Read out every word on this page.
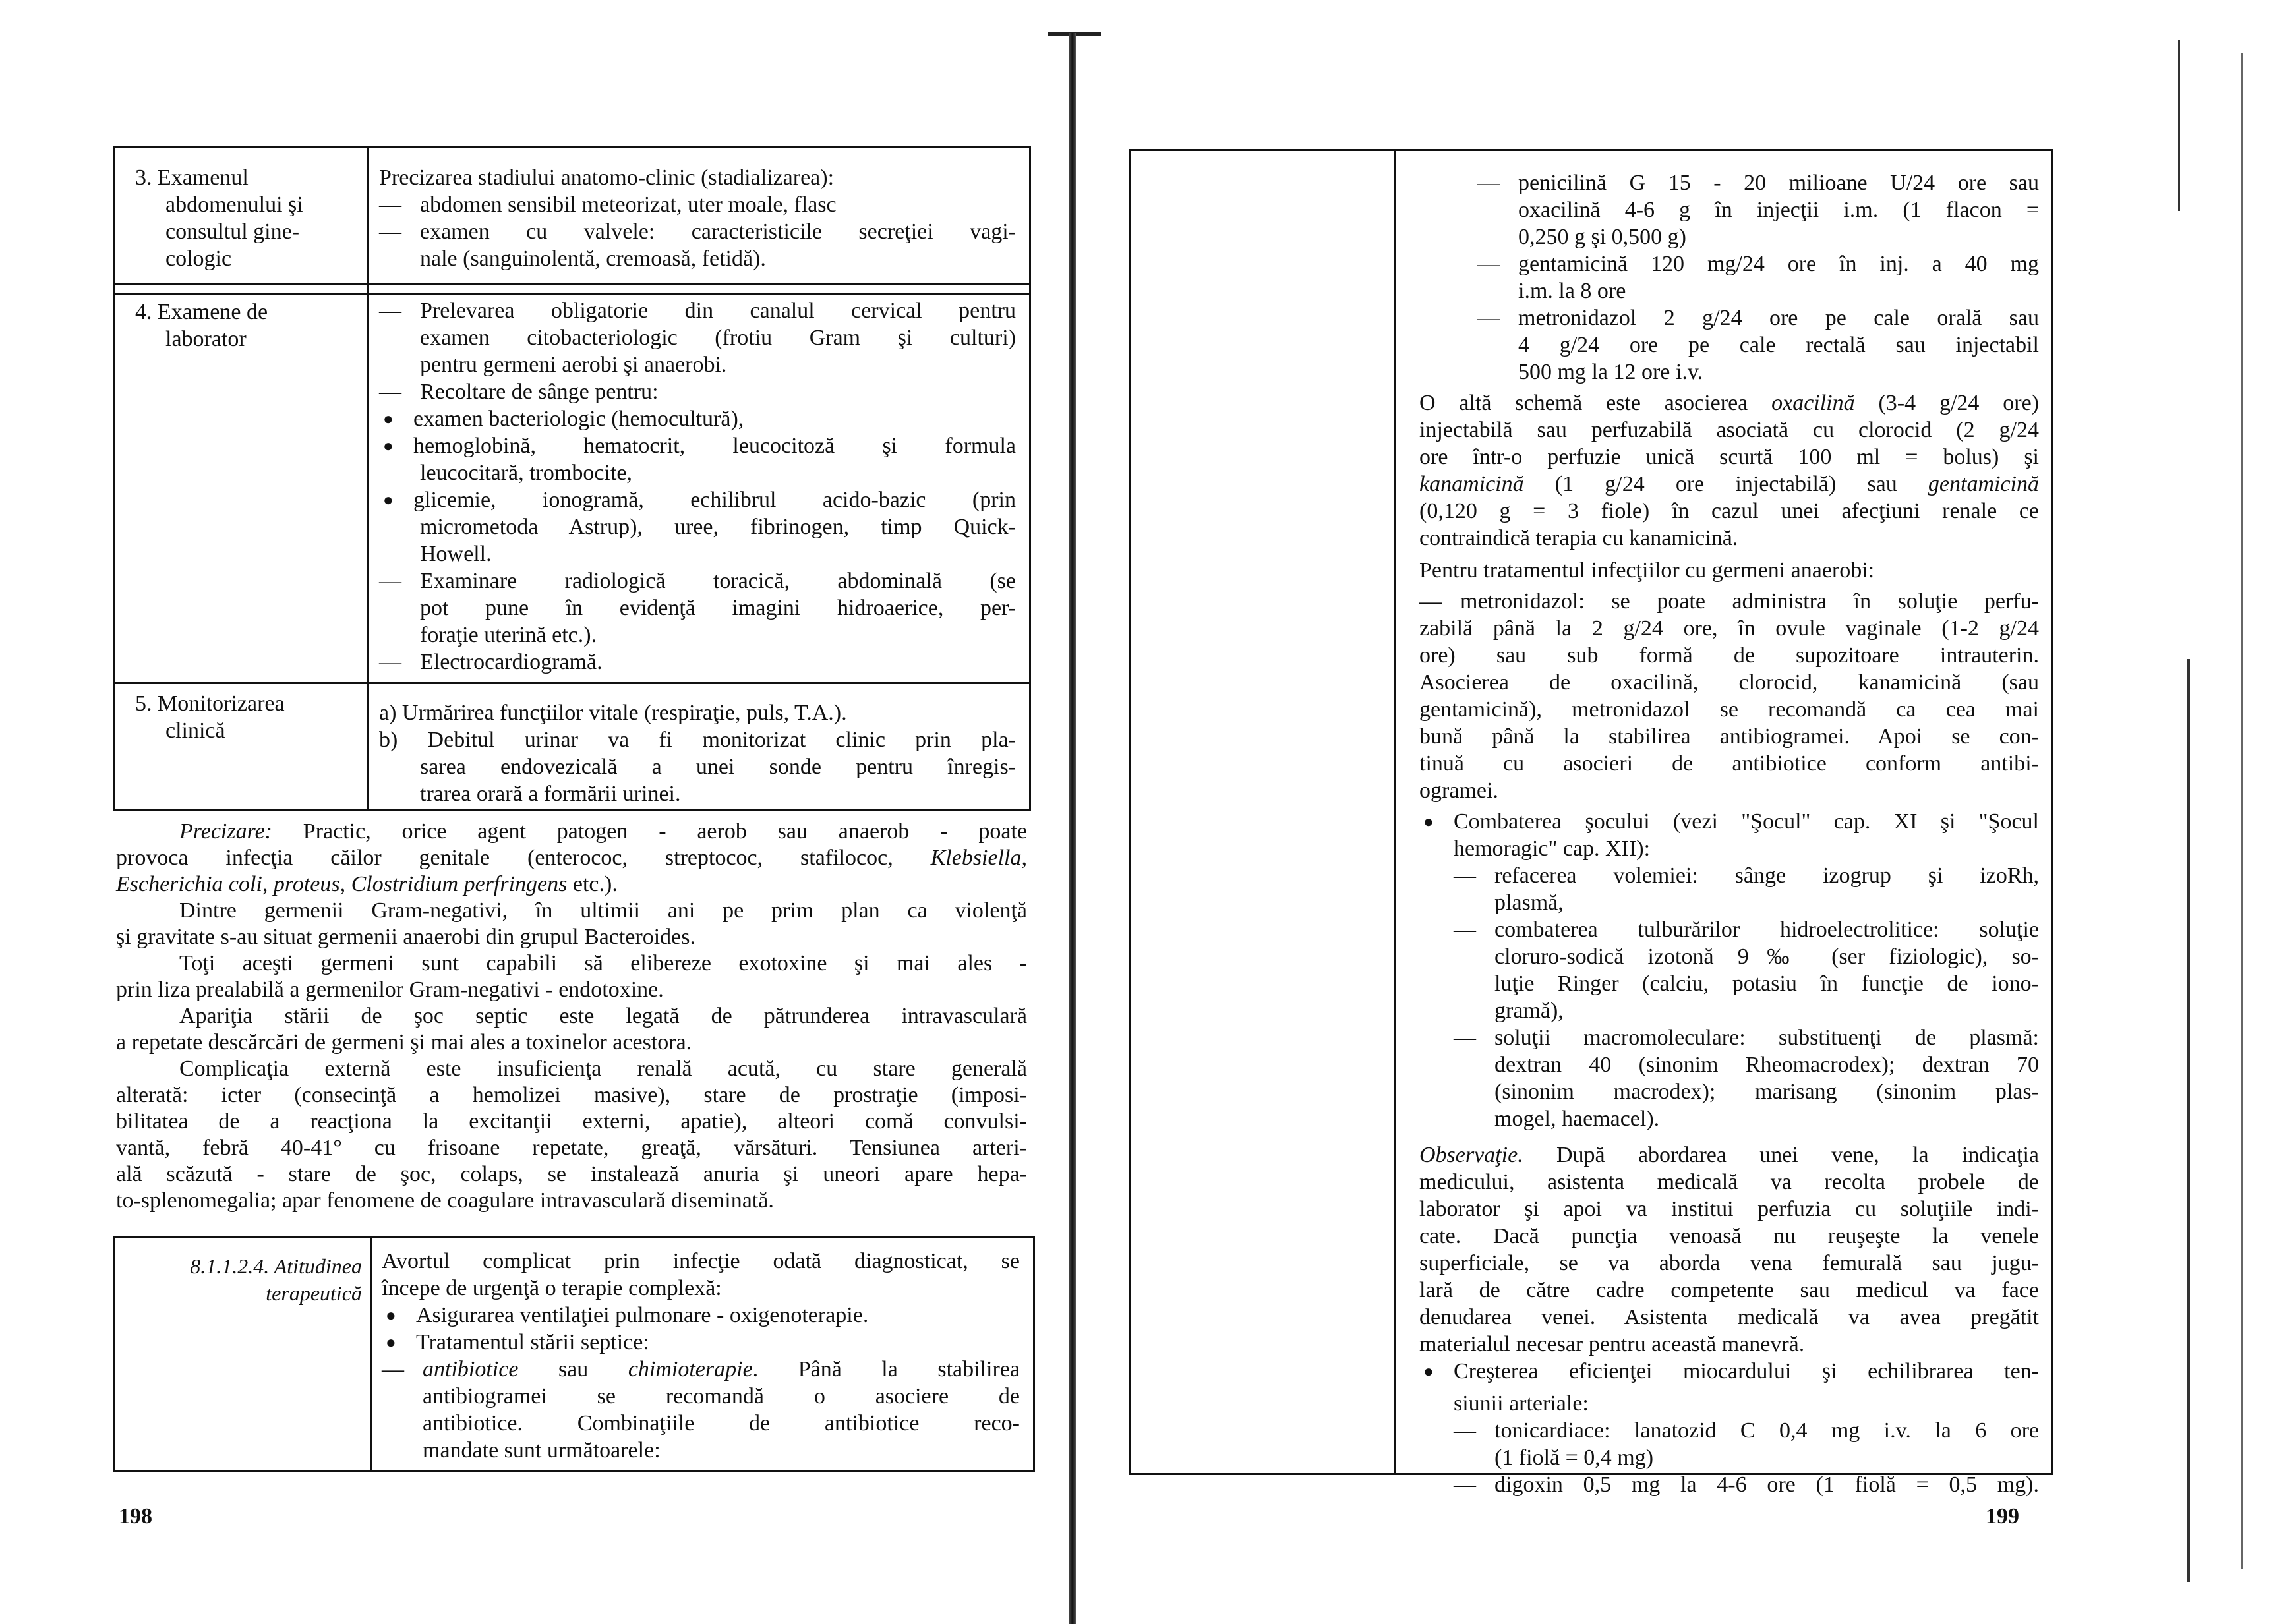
3. Examenul
abdomenului şi
consultul gine-
cologic
Precizarea stadiului anatomo-clinic (stadializarea):
— abdomen sensibil meteorizat, uter moale, flasc
— examen cu valvele: caracteristicile secreţiei vagi-
nale (sanguinolentă, cremoasă, fetidă).
4. Examene de
laborator
— Prelevarea obligatorie din canalul cervical pentru
examen citobacteriologic (frotiu Gram şi culturi)
pentru germeni aerobi şi anaerobi.
— Recoltare de sânge pentru:
● examen bacteriologic (hemocultură),
● hemoglobină, hematocrit, leucocitoză şi formula
leucocitară, trombocite,
● glicemie, ionogramă, echilibrul acido-bazic (prin
micrometoda Astrup), uree, fibrinogen, timp Quick-
Howell.
— Examinare radiologică toracică, abdominală (se
pot pune în evidenţă imagini hidroaerice, per-
foraţie uterină etc.).
— Electrocardiogramă.
5. Monitorizarea
clinică
a) Urmărirea funcţiilor vitale (respiraţie, puls, T.A.).
b) Debitul urinar va fi monitorizat clinic prin pla-
sarea endovezicală a unei sonde pentru înregis-
trarea orară a formării urinei.
Precizare: Practic, orice agent patogen - aerob sau anaerob - poate
provoca infecţia căilor genitale (enterococ, streptococ, stafilococ, Klebsiella,
Escherichia coli, proteus, Clostridium perfringens etc.).
Dintre germenii Gram-negativi, în ultimii ani pe prim plan ca violenţă
şi gravitate s-au situat germenii anaerobi din grupul Bacteroides.
Toţi aceşti germeni sunt capabili să elibereze exotoxine şi mai ales -
prin liza prealabilă a germenilor Gram-negativi - endotoxine.
Apariţia stării de şoc septic este legată de pătrunderea intravasculară
a repetate descărcări de germeni şi mai ales a toxinelor acestora.
Complicaţia externă este insuficienţa renală acută, cu stare generală
alterată: icter (consecinţă a hemolizei masive), stare de prostraţie (imposi-
bilitatea de a reacţiona la excitanţii externi, apatie), alteori comă convulsi-
vantă, febră 40-41° cu frisoane repetate, greaţă, vărsături. Tensiunea arteri-
ală scăzută - stare de şoc, colaps, se instalează anuria şi uneori apare hepa-
to-splenomegalia; apar fenomene de coagulare intravasculară diseminată.
8.1.1.2.4. Atitudinea
terapeutică
Avortul complicat prin infecţie odată diagnosticat, se
începe de urgenţă o terapie complexă:
● Asigurarea ventilaţiei pulmonare - oxigenoterapie.
● Tratamentul stării septice:
— antibiotice sau chimioterapie. Până la stabilirea
antibiogramei se recomandă o asociere de
antibiotice. Combinaţiile de antibiotice reco-
mandate sunt următoarele:
198
— penicilină G 15 - 20 milioane U/24 ore sau
oxacilină 4-6 g în injecţii i.m. (1 flacon =
0,250 g şi 0,500 g)
— gentamicină 120 mg/24 ore în inj. a 40 mg
i.m. la 8 ore
— metronidazol 2 g/24 ore pe cale orală sau
4 g/24 ore pe cale rectală sau injectabil
500 mg la 12 ore i.v.
O altă schemă este asocierea oxacilină (3-4 g/24 ore)
injectabilă sau perfuzabilă asociată cu clorocid (2 g/24
ore într-o perfuzie unică scurtă 100 ml = bolus) şi
kanamicină (1 g/24 ore injectabilă) sau gentamicină
(0,120 g = 3 fiole) în cazul unei afecţiuni renale ce
contraindică terapia cu kanamicină.
Pentru tratamentul infecţiilor cu germeni anaerobi:
— metronidazol: se poate administra în soluţie perfu-
zabilă până la 2 g/24 ore, în ovule vaginale (1-2 g/24
ore) sau sub formă de supozitoare intrauterin.
Asocierea de oxacilină, clorocid, kanamicină (sau
gentamicină), metronidazol se recomandă ca cea mai
bună până la stabilirea antibiogramei. Apoi se con-
tinuă cu asocieri de antibiotice conform antibi-
ogramei.
● Combaterea şocului (vezi "Şocul" cap. XI şi "Şocul
hemoragic" cap. XII):
— refacerea volemiei: sânge izogrup şi izoRh,
plasmă,
— combaterea tulburărilor hidroelectrolitice: soluţie
cloruro-sodică izotonă 9‰ (ser fiziologic), so-
luţie Ringer (calciu, potasiu în funcţie de iono-
gramă),
— soluţii macromoleculare: substituenţi de plasmă:
dextran 40 (sinonim Rheomacrodex); dextran 70
(sinonim macrodex); marisang (sinonim plas-
mogel, haemacel).
Observaţie. După abordarea unei vene, la indicaţia
medicului, asistenta medicală va recolta probele de
laborator şi apoi va institui perfuzia cu soluţiile indi-
cate. Dacă puncţia venoasă nu reuşeşte la venele
superficiale, se va aborda vena femurală sau jugu-
lară de către cadre competente sau medicul va face
denudarea venei. Asistenta medicală va avea pregătit
materialul necesar pentru această manevră.
● Creşterea eficienţei miocardului şi echilibrarea ten-
siunii arteriale:
— tonicardiace: lanatozid C 0,4 mg i.v. la 6 ore
(1 fiolă = 0,4 mg)
— digoxin 0,5 mg la 4-6 ore (1 fiolă = 0,5 mg).
199
